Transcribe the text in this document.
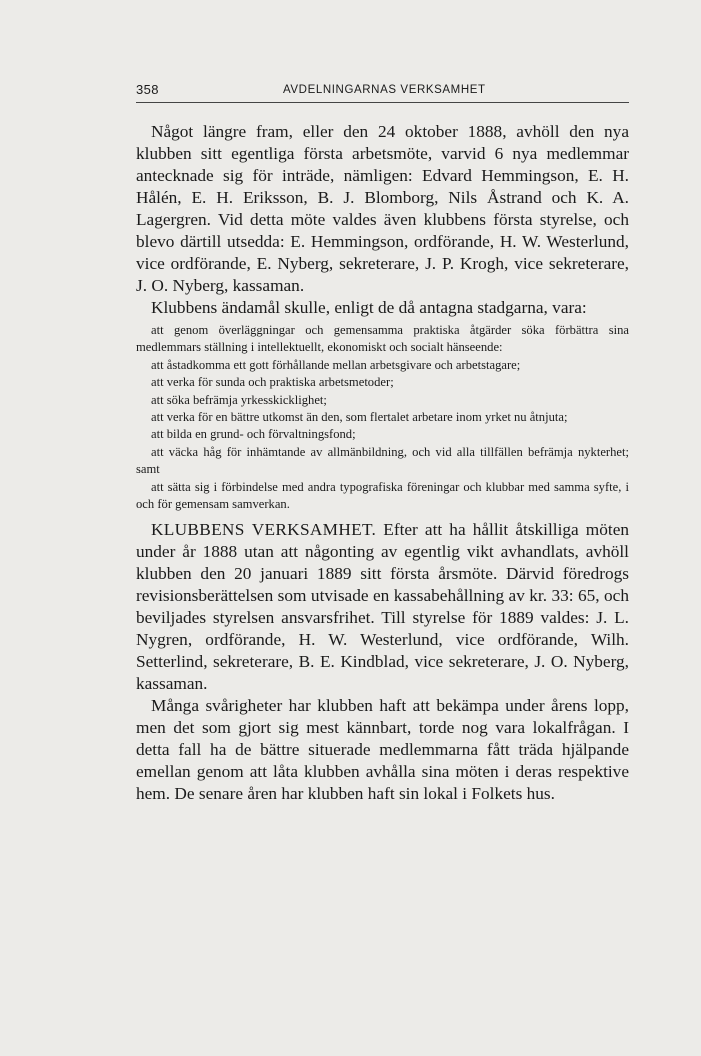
358	AVDELNINGARNAS VERKSAMHET

Något längre fram, eller den 24 oktober 1888, avhöll den nya klubben sitt egentliga första arbetsmöte, varvid 6 nya medlemmar antecknade sig för inträde, nämligen: Edvard Hemmingson, E. H. Hålén, E. H. Eriksson, B. J. Blomborg, Nils Åstrand och K. A. Lagergren. Vid detta möte valdes även klubbens första styrelse, och blevo därtill utsedda: E. Hemmingson, ordförande, H. W. Westerlund, vice ordförande, E. Nyberg, sekreterare, J. P. Krogh, vice sekreterare, J. O. Nyberg, kassaman.

Klubbens ändamål skulle, enligt de då antagna stadgarna, vara:

att genom överläggningar och gemensamma praktiska åtgärder söka förbättra sina medlemmars ställning i intellektuellt, ekonomiskt och socialt hänseende:

att åstadkomma ett gott förhållande mellan arbetsgivare och arbetstagare;

att verka för sunda och praktiska arbetsmetoder;

att söka befrämja yrkesskicklighet;

att verka för en bättre utkomst än den, som flertalet arbetare inom yrket nu åtnjuta;

att bilda en grund- och förvaltningsfond;

att väcka håg för inhämtande av allmänbildning, och vid alla tillfällen befrämja nykterhet; samt

att sätta sig i förbindelse med andra typografiska föreningar och klubbar med samma syfte, i och för gemensam samverkan.

KLUBBENS VERKSAMHET. Efter att ha hållit åtskilliga möten under år 1888 utan att någonting av egentlig vikt avhandlats, avhöll klubben den 20 januari 1889 sitt första årsmöte. Därvid föredrogs revisionsberättelsen som utvisade en kassabehållning av kr. 33: 65, och beviljades styrelsen ansvarsfrihet. Till styrelse för 1889 valdes: J. L. Nygren, ordförande, H. W. Westerlund, vice ordförande, Wilh. Setterlind, sekreterare, B. E. Kindblad, vice sekreterare, J. O. Nyberg, kassaman.

Många svårigheter har klubben haft att bekämpa under årens lopp, men det som gjort sig mest kännbart, torde nog vara lokalfrågan. I detta fall ha de bättre situerade medlemmarna fått träda hjälpande emellan genom att låta klubben avhålla sina möten i deras respektive hem. De senare åren har klubben haft sin lokal i Folkets hus.
